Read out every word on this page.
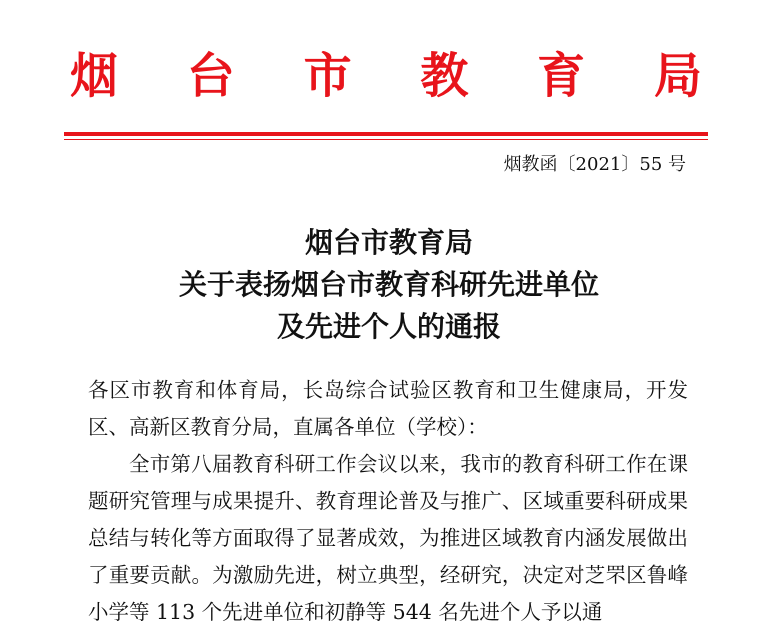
烟 台 市 教 育 局
烟教函〔2021〕55 号
烟台市教育局
关于表扬烟台市教育科研先进单位
及先进个人的通报

各区市教育和体育局，长岛综合试验区教育和卫生健康局，开发区、高新区教育分局，直属各单位（学校）：

全市第八届教育科研工作会议以来，我市的教育科研工作在课题研究管理与成果提升、教育理论普及与推广、区域重要科研成果总结与转化等方面取得了显著成效，为推进区域教育内涵发展做出了重要贡献。为激励先进，树立典型，经研究，决定对芝罘区鲁峰小学等 113 个先进单位和初静等 544 名先进个人予以通
